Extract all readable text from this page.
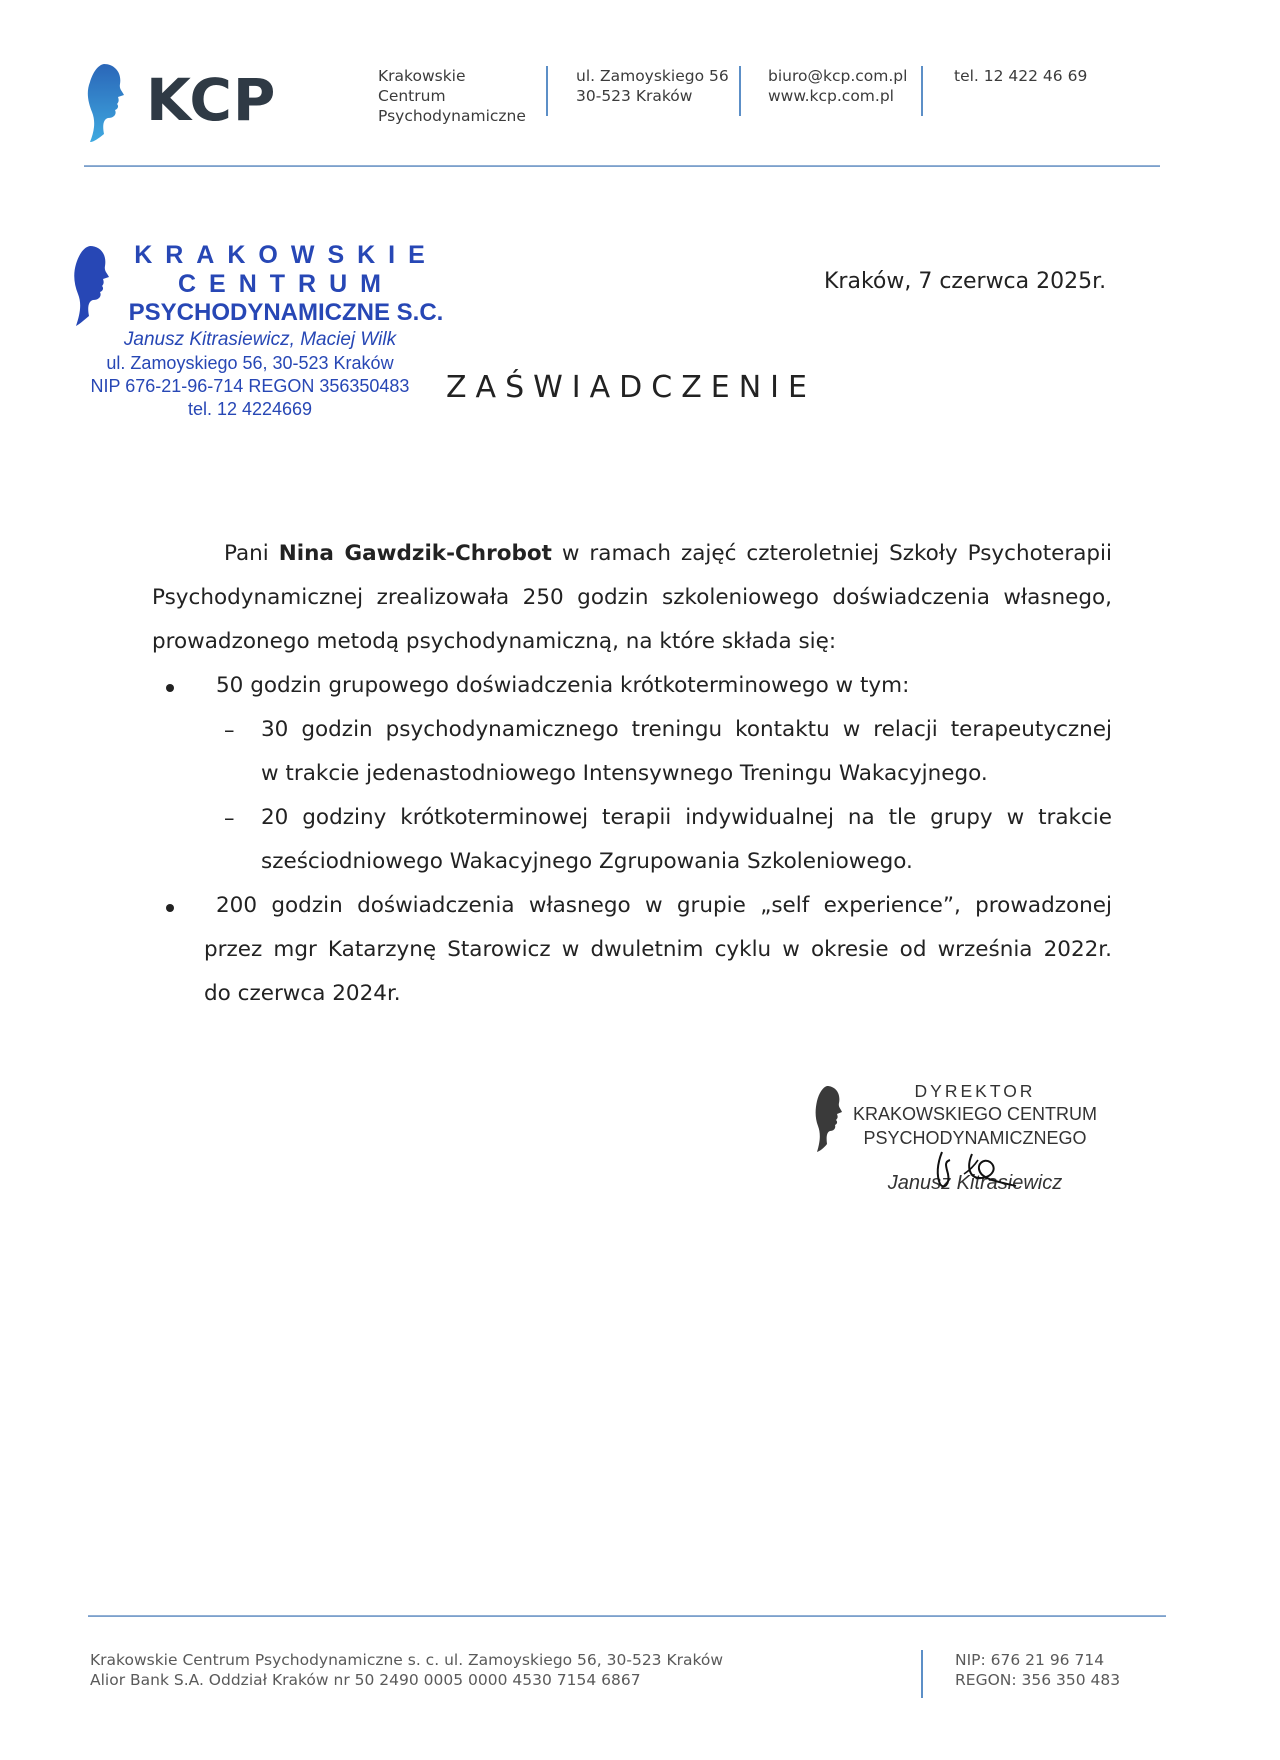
KCP	Krakowskie
Centrum
Psychodynamiczne
ul. Zamoyskiego 56
30-523 Kraków
biuro@kcp.com.pl
www.kcp.com.pl
tel. 12 422 46 69
KRAKOWSKIE
CENTRUM
PSYCHODYNAMICZNE S.C.
Janusz Kitrasiewicz, Maciej Wilk
ul. Zamoyskiego 56, 30-523 Kraków
NIP 676-21-96-714 REGON 356350483
tel. 12 4224669
Kraków, 7 czerwca 2025r.
ZAŚWIADCZENIE
Pani Nina Gawdzik-Chrobot w ramach zajęć czteroletniej Szkoły Psychoterapii
Psychodynamicznej zrealizowała 250 godzin szkoleniowego doświadczenia własnego,
prowadzonego metodą psychodynamiczną, na które składa się:
50 godzin grupowego doświadczenia krótkoterminowego w tym:
– 30 godzin psychodynamicznego treningu kontaktu w relacji terapeutycznej
w trakcie jedenastodniowego Intensywnego Treningu Wakacyjnego.
– 20 godziny krótkoterminowej terapii indywidualnej na tle grupy w trakcie
sześciodniowego Wakacyjnego Zgrupowania Szkoleniowego.
200 godzin doświadczenia własnego w grupie „self experience”, prowadzonej
przez mgr Katarzynę Starowicz w dwuletnim cyklu w okresie od września 2022r.
do czerwca 2024r.
DYREKTOR
KRAKOWSKIEGO CENTRUM
PSYCHODYNAMICZNEGO
Janusz Kitrasiewicz
Krakowskie Centrum Psychodynamiczne s. c. ul. Zamoyskiego 56, 30-523 Kraków
Alior Bank S.A. Oddział Kraków nr 50 2490 0005 0000 4530 7154 6867
NIP: 676 21 96 714
REGON: 356 350 483
